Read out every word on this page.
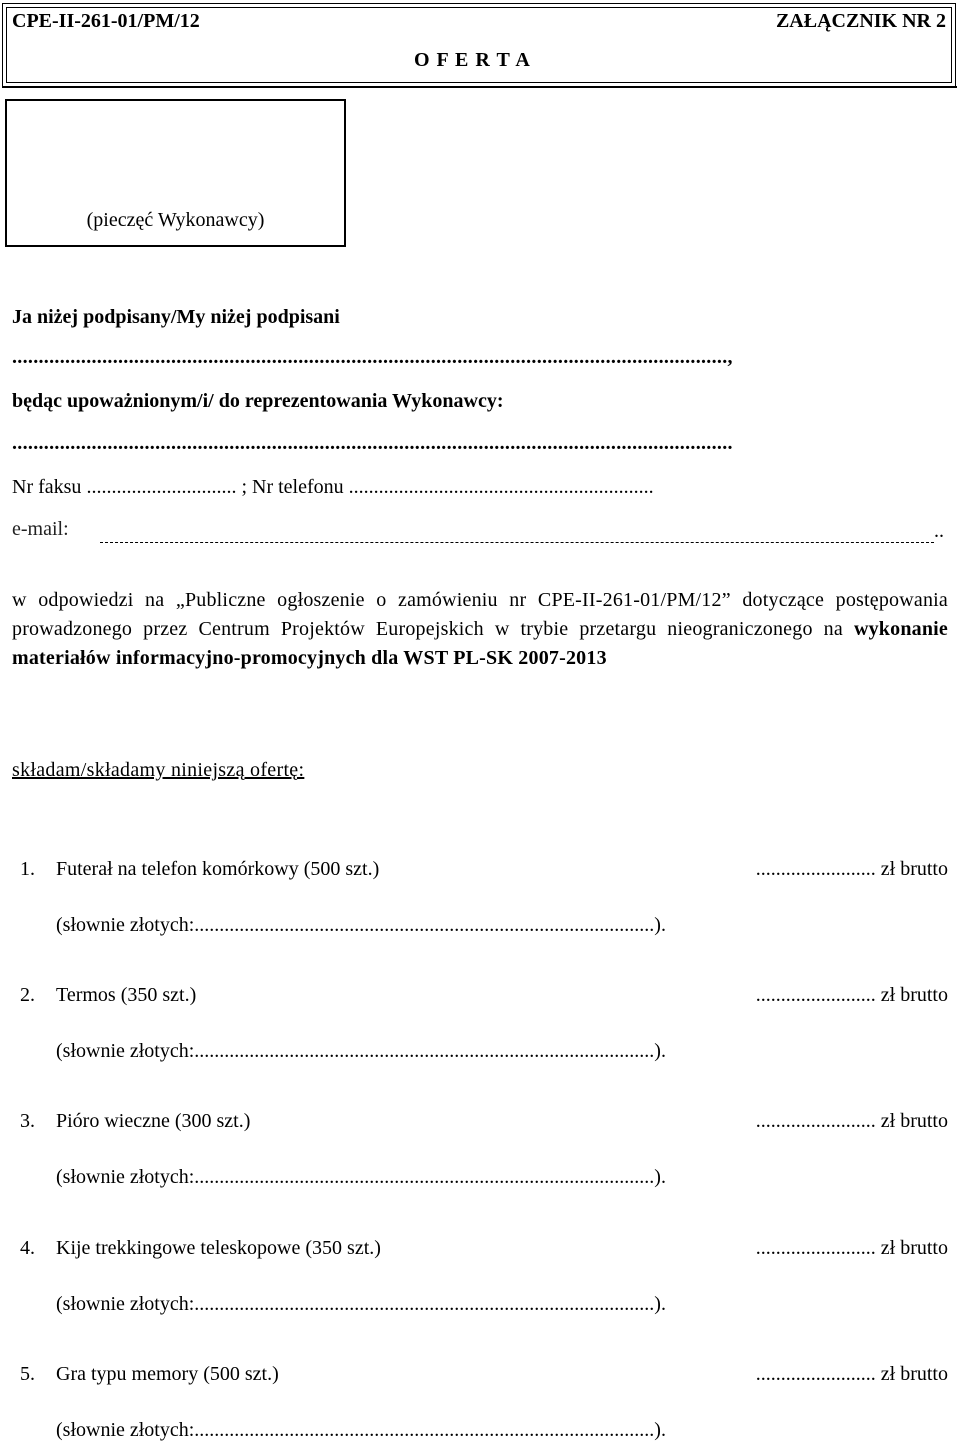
CPE-II-261-01/PM/12	ZAŁĄCZNIK NR 2
O F E R T A
(pieczęć Wykonawcy)
Ja niżej podpisany/My niżej podpisani
.......................................................................................................................................,
będąc upoważnionym/i/ do reprezentowania Wykonawcy:
........................................................................................................................................
Nr faksu .............................. ; Nr telefonu .............................................................
e-mail:	..
w odpowiedzi na „Publiczne ogłoszenie o zamówieniu nr CPE-II-261-01/PM/12” dotyczące postępowania prowadzonego przez Centrum Projektów Europejskich w trybie przetargu nieograniczonego na wykonanie materiałów informacyjno-promocyjnych dla WST PL-SK 2007-2013
składam/składamy niniejszą ofertę:
1. Futerał na telefon komórkowy (500 szt.)	........................ zł brutto
(słownie złotych:............................................................................................).
2. Termos (350 szt.)	........................ zł brutto
(słownie złotych:............................................................................................).
3. Pióro wieczne (300 szt.)	........................ zł brutto
(słownie złotych:............................................................................................).
4. Kije trekkingowe teleskopowe (350 szt.)	........................ zł brutto
(słownie złotych:............................................................................................).
5. Gra typu memory (500 szt.)	........................ zł brutto
(słownie złotych:............................................................................................).
